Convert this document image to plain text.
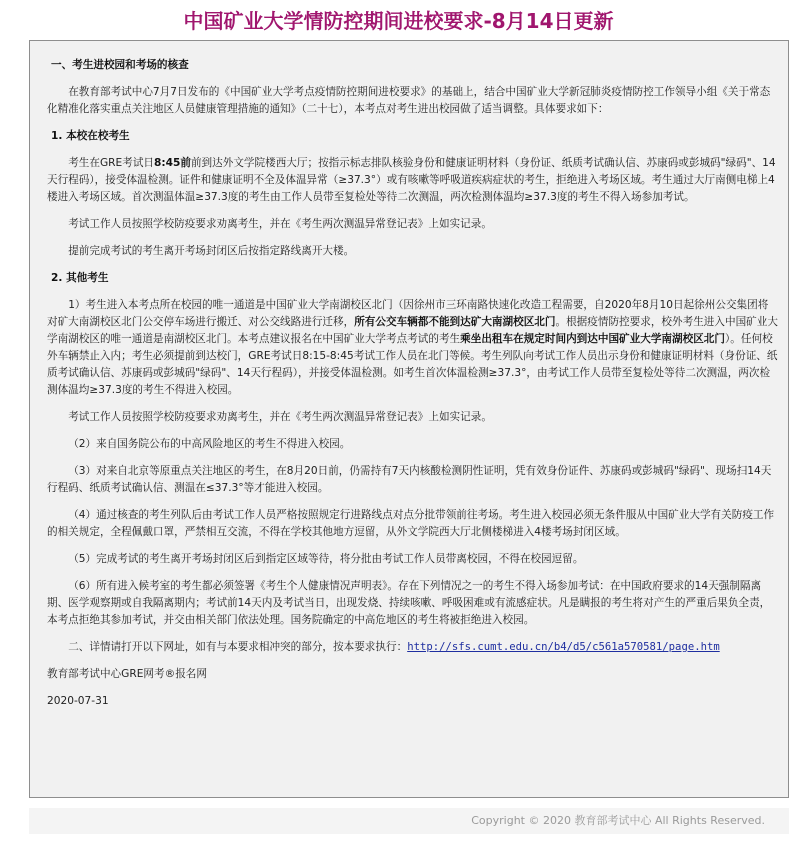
中国矿业大学情防控期间进校要求-8月14日更新

一、考生进校园和考场的核查

在教育部考试中心7月7日发布的《中国矿业大学考点疫情防控期间进校要求》的基础上，结合中国矿业大学新冠肺炎疫情防控工作领导小组《关于常态化精准化落实重点关注地区人员健康管理措施的通知》（二十七），本考点对考生进出校园做了适当调整。具体要求如下：

1. 本校在校考生

考生在GRE考试日8:45前前到达外文学院楼西大厅；按指示标志排队核验身份和健康证明材料（身份证、纸质考试确认信、苏康码或彭城码"绿码"、14天行程码），接受体温检测。证件和健康证明不全及体温异常（≥37.3°）或有咳嗽等呼吸道疾病症状的考生，拒绝进入考场区域。考生通过大厅南侧电梯上4楼进入考场区域。首次测温体温≥37.3度的考生由工作人员带至复检处等待二次测温，两次检测体温均≥37.3度的考生不得入场参加考试。

考试工作人员按照学校防疫要求劝离考生，并在《考生两次测温异常登记表》上如实记录。

提前完成考试的考生离开考场封闭区后按指定路线离开大楼。

2. 其他考生

1）考生进入本考点所在校园的唯一通道是中国矿业大学南湖校区北门（因徐州市三环南路快速化改造工程需要，自2020年8月10日起徐州公交集团将对矿大南湖校区北门公交停车场进行搬迁、对公交线路进行迁移，所有公交车辆都不能到达矿大南湖校区北门。根据疫情防控要求，校外考生进入中国矿业大学南湖校区的唯一通道是南湖校区北门。本考点建议报名在中国矿业大学考点考试的考生乘坐出租车在规定时间内到达中国矿业大学南湖校区北门）。任何校外车辆禁止入内；考生必须提前到达校门，GRE考试日8:15-8:45考试工作人员在北门等候。考生列队向考试工作人员出示身份和健康证明材料（身份证、纸质考试确认信、苏康码或彭城码"绿码"、14天行程码），并接受体温检测。如考生首次体温检测≥37.3°，由考试工作人员带至复检处等待二次测温，两次检测体温均≥37.3度的考生不得进入校园。

考试工作人员按照学校防疫要求劝离考生，并在《考生两次测温异常登记表》上如实记录。

（2）来自国务院公布的中高风险地区的考生不得进入校园。

（3）对来自北京等原重点关注地区的考生，在8月20日前，仍需持有7天内核酸检测阴性证明，凭有效身份证件、苏康码或彭城码"绿码"、现场扫14天行程码、纸质考试确认信、测温在≤37.3°等才能进入校园。

（4）通过核查的考生列队后由考试工作人员严格按照规定行进路线点对点分批带领前往考场。考生进入校园必须无条件服从中国矿业大学有关防疫工作的相关规定，全程佩戴口罩，严禁相互交流，不得在学校其他地方逗留，从外文学院西大厅北侧楼梯进入4楼考场封闭区域。

（5）完成考试的考生离开考场封闭区后到指定区域等待，将分批由考试工作人员带离校园，不得在校园逗留。

（6）所有进入候考室的考生都必须签署《考生个人健康情况声明表》。存在下列情况之一的考生不得入场参加考试：在中国政府要求的14天强制隔离期、医学观察期或自我隔离期内；考试前14天内及考试当日，出现发烧、持续咳嗽、呼吸困难或有流感症状。凡是瞒报的考生将对产生的严重后果负全责，本考点拒绝其参加考试，并交由相关部门依法处理。国务院确定的中高危地区的考生将被拒绝进入校园。

二、详情请打开以下网址，如有与本要求相冲突的部分，按本要求执行：http://sfs.cumt.edu.cn/b4/d5/c561a570581/page.htm

教育部考试中心GRE网考®报名网

2020-07-31

Copyright © 2020 教育部考试中心 All Rights Reserved.
